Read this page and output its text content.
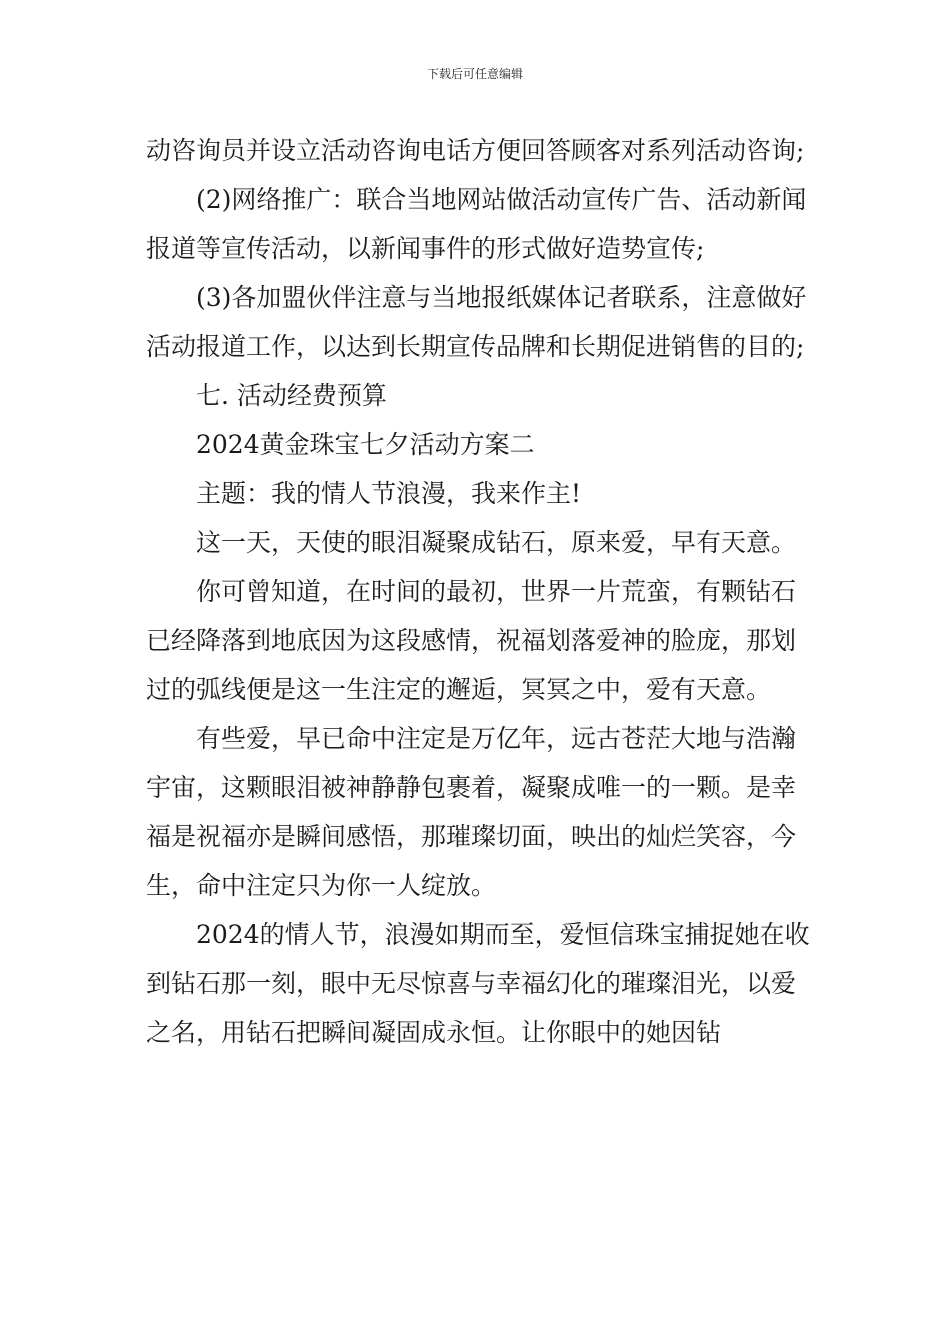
下载后可任意编辑

动咨询员并设立活动咨询电话方便回答顾客对系列活动咨询;

(2)网络推广：联合当地网站做活动宣传广告、活动新闻报道等宣传活动，以新闻事件的形式做好造势宣传;

(3)各加盟伙伴注意与当地报纸媒体记者联系，注意做好活动报道工作，以达到长期宣传品牌和长期促进销售的目的;

七. 活动经费预算

2024黄金珠宝七夕活动方案二

主题：我的情人节浪漫，我来作主!

这一天，天使的眼泪凝聚成钻石，原来爱，早有天意。

你可曾知道，在时间的最初，世界一片荒蛮，有颗钻石已经降落到地底因为这段感情，祝福划落爱神的脸庞，那划过的弧线便是这一生注定的邂逅，冥冥之中，爱有天意。

有些爱，早已命中注定是万亿年，远古苍茫大地与浩瀚宇宙，这颗眼泪被神静静包裹着，凝聚成唯一的一颗。是幸福是祝福亦是瞬间感悟，那璀璨切面，映出的灿烂笑容，今生，命中注定只为你一人绽放。

2024的情人节，浪漫如期而至，爱恒信珠宝捕捉她在收到钻石那一刻，眼中无尽惊喜与幸福幻化的璀璨泪光，以爱之名，用钻石把瞬间凝固成永恒。让你眼中的她因钻
